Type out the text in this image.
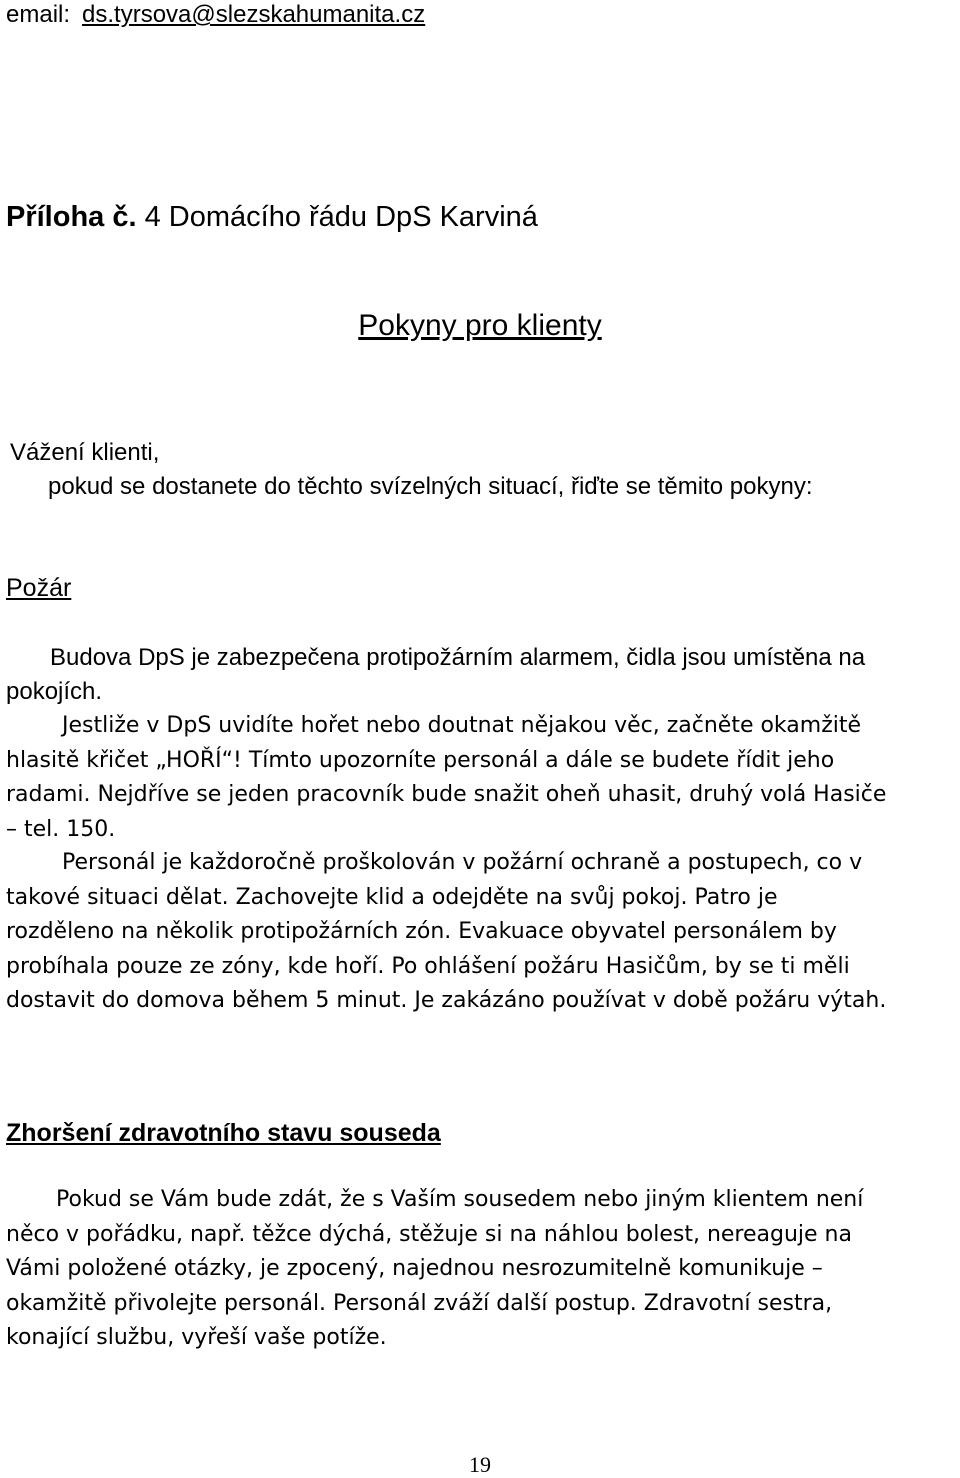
email: ds.tyrsova@slezskahumanita.cz
Příloha č. 4 Domácího řádu DpS Karviná
Pokyny pro klienty
Vážení klienti,
pokud se dostanete do těchto svízelných situací, řiďte se těmito pokyny:
Požár
Budova DpS je zabezpečena protipožárním alarmem, čidla jsou umístěna na
pokojích.
Jestliže v DpS uvidíte hořet nebo doutnat nějakou věc, začněte okamžitě
hlasitě křičet „HOŘÍ“! Tímto upozorníte personál a dále se budete řídit jeho
radami. Nejdříve se jeden pracovník bude snažit oheň uhasit, druhý volá Hasiče
– tel. 150.
Personál je každoročně proškolován v požární ochraně a postupech, co v
takové situaci dělat. Zachovejte klid a odejděte na svůj pokoj. Patro je
rozděleno na několik protipožárních zón. Evakuace obyvatel personálem by
probíhala pouze ze zóny, kde hoří. Po ohlášení požáru Hasičům, by se ti měli
dostavit do domova během 5 minut. Je zakázáno používat v době požáru výtah.
Zhoršení zdravotního stavu souseda
Pokud se Vám bude zdát, že s Vaším sousedem nebo jiným klientem není
něco v pořádku, např. těžce dýchá, stěžuje si na náhlou bolest, nereaguje na
Vámi položené otázky, je zpocený, najednou nesrozumitelně komunikuje –
okamžitě přivolejte personál. Personál zváží další postup. Zdravotní sestra,
konající službu, vyřeší vaše potíže.
19
